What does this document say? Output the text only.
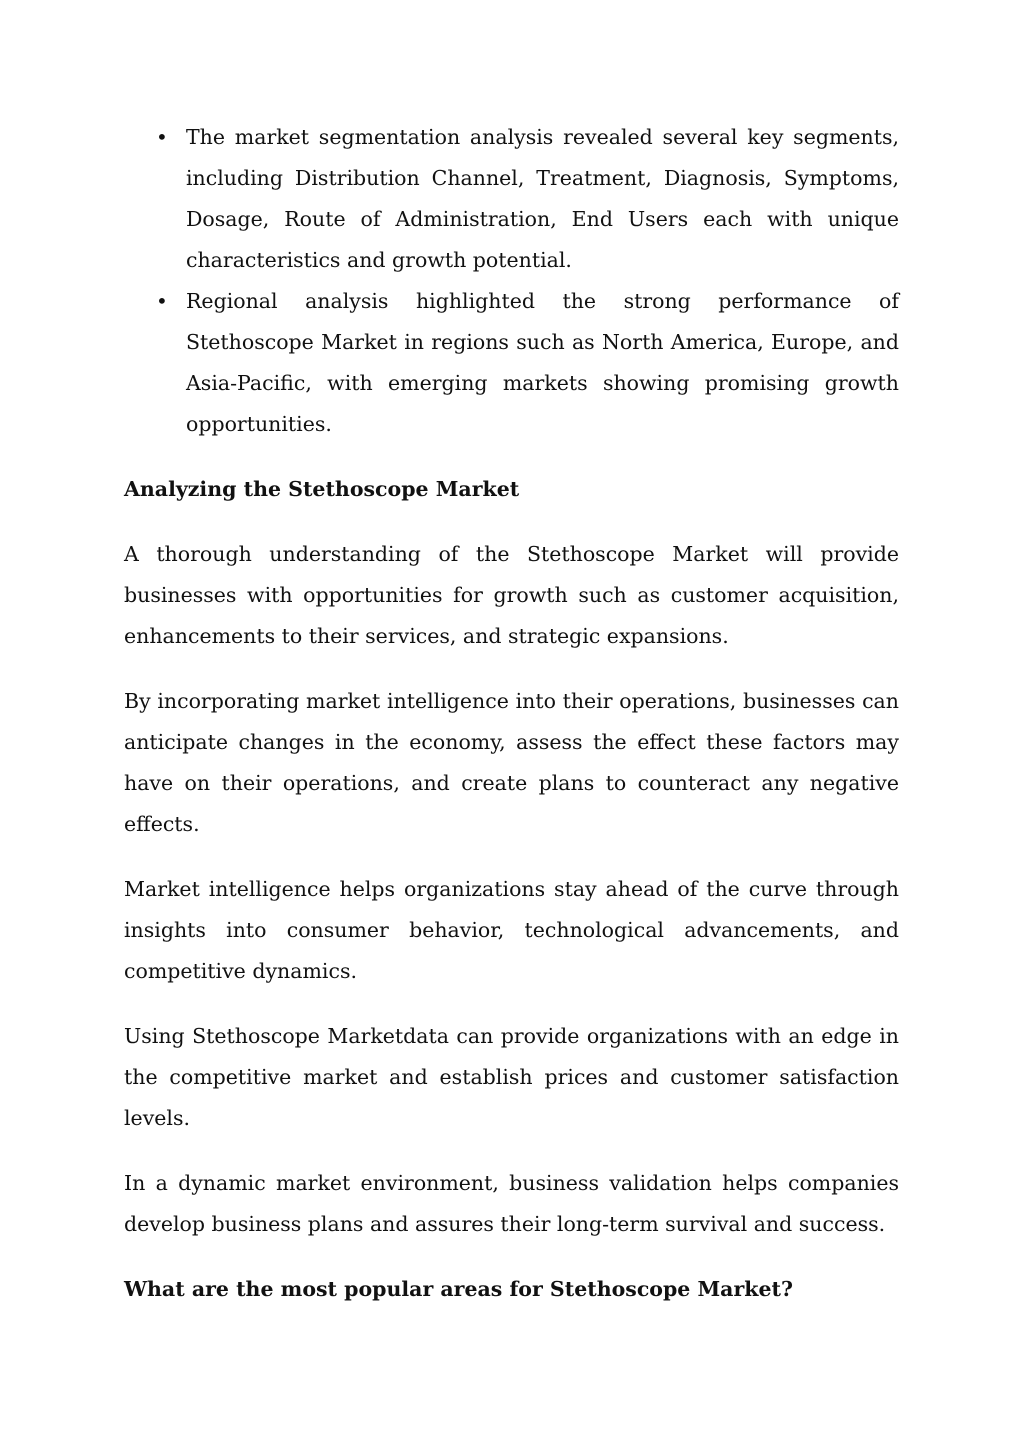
• The market segmentation analysis revealed several key segments, including Distribution Channel, Treatment, Diagnosis, Symptoms, Dosage, Route of Administration, End Users each with unique characteristics and growth potential.
• Regional analysis highlighted the strong performance of Stethoscope Market in regions such as North America, Europe, and Asia-Pacific, with emerging markets showing promising growth opportunities.
Analyzing the Stethoscope Market

A thorough understanding of the Stethoscope Market will provide businesses with opportunities for growth such as customer acquisition, enhancements to their services, and strategic expansions.

By incorporating market intelligence into their operations, businesses can anticipate changes in the economy, assess the effect these factors may have on their operations, and create plans to counteract any negative effects.

Market intelligence helps organizations stay ahead of the curve through insights into consumer behavior, technological advancements, and competitive dynamics.

Using Stethoscope Marketdata can provide organizations with an edge in the competitive market and establish prices and customer satisfaction levels.

In a dynamic market environment, business validation helps companies develop business plans and assures their long-term survival and success.

What are the most popular areas for Stethoscope Market?
